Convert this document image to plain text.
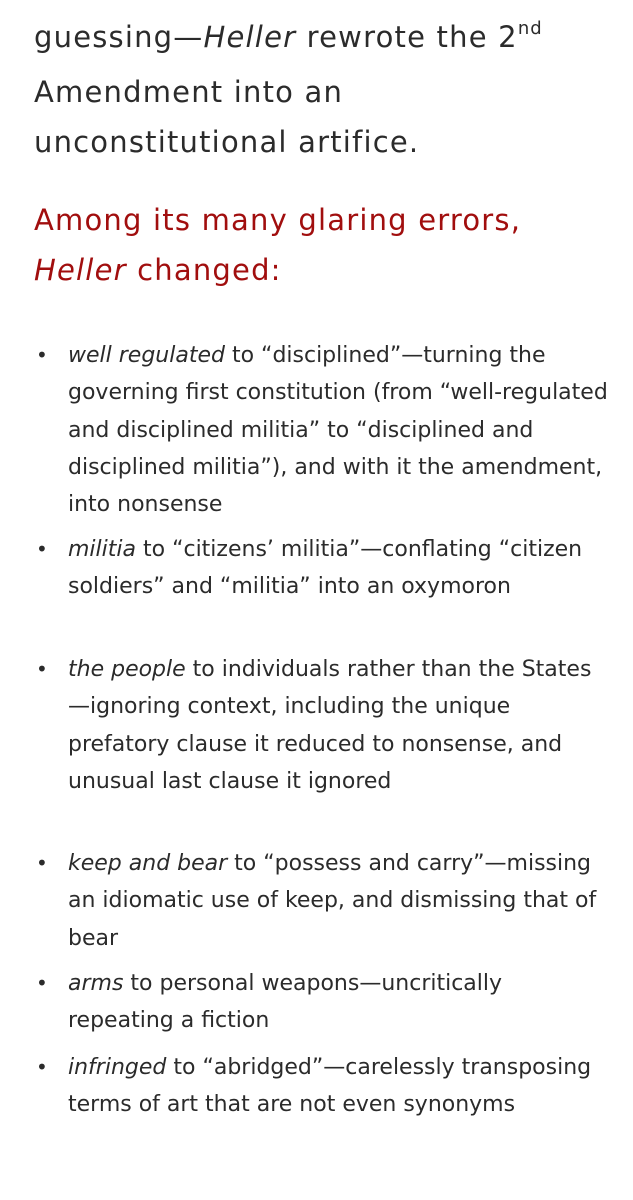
guessing—Heller rewrote the 2nd
Amendment into an
unconstitutional artifice.

Among its many glaring errors,
Heller changed:
• well regulated to “disciplined”—turning the governing first constitution (from “well-regulated and disciplined militia” to “disciplined and disciplined militia”), and with it the amendment, into nonsense

• militia to “citizens’ militia”—conflating “citizen soldiers” and “militia” into an oxymoron

• the people to individuals rather than the States—ignoring context, including the unique prefatory clause it reduced to nonsense, and unusual last clause it ignored

• keep and bear to “possess and carry”—missing an idiomatic use of keep, and dismissing that of bear

• arms to personal weapons—uncritically repeating a fiction

• infringed to “abridged”—carelessly transposing terms of art that are not even synonyms
